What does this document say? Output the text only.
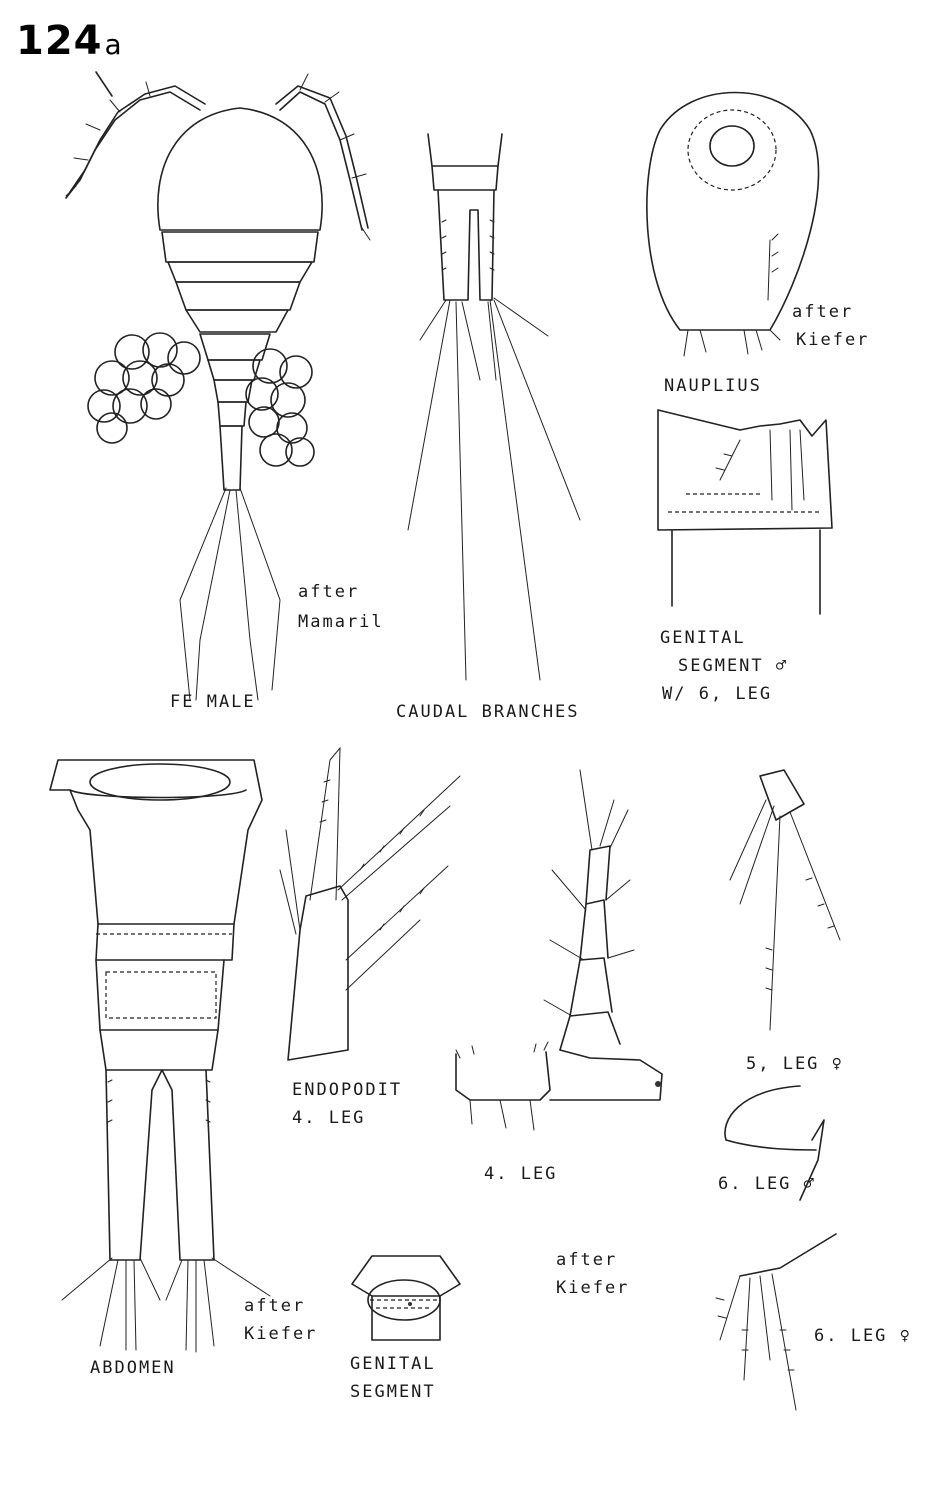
124a
FE MALE
after
Mamaril
CAUDAL BRANCHES
NAUPLIUS
after
Kiefer
GENITAL
SEGMENT ♂
W/ 6, LEG
ENDOPODIT
4. LEG
4. LEG
5, LEG ♀
6. LEG ♂
6. LEG ♀
ABDOMEN
after
Kiefer
GENITAL
SEGMENT
after
Kiefer
